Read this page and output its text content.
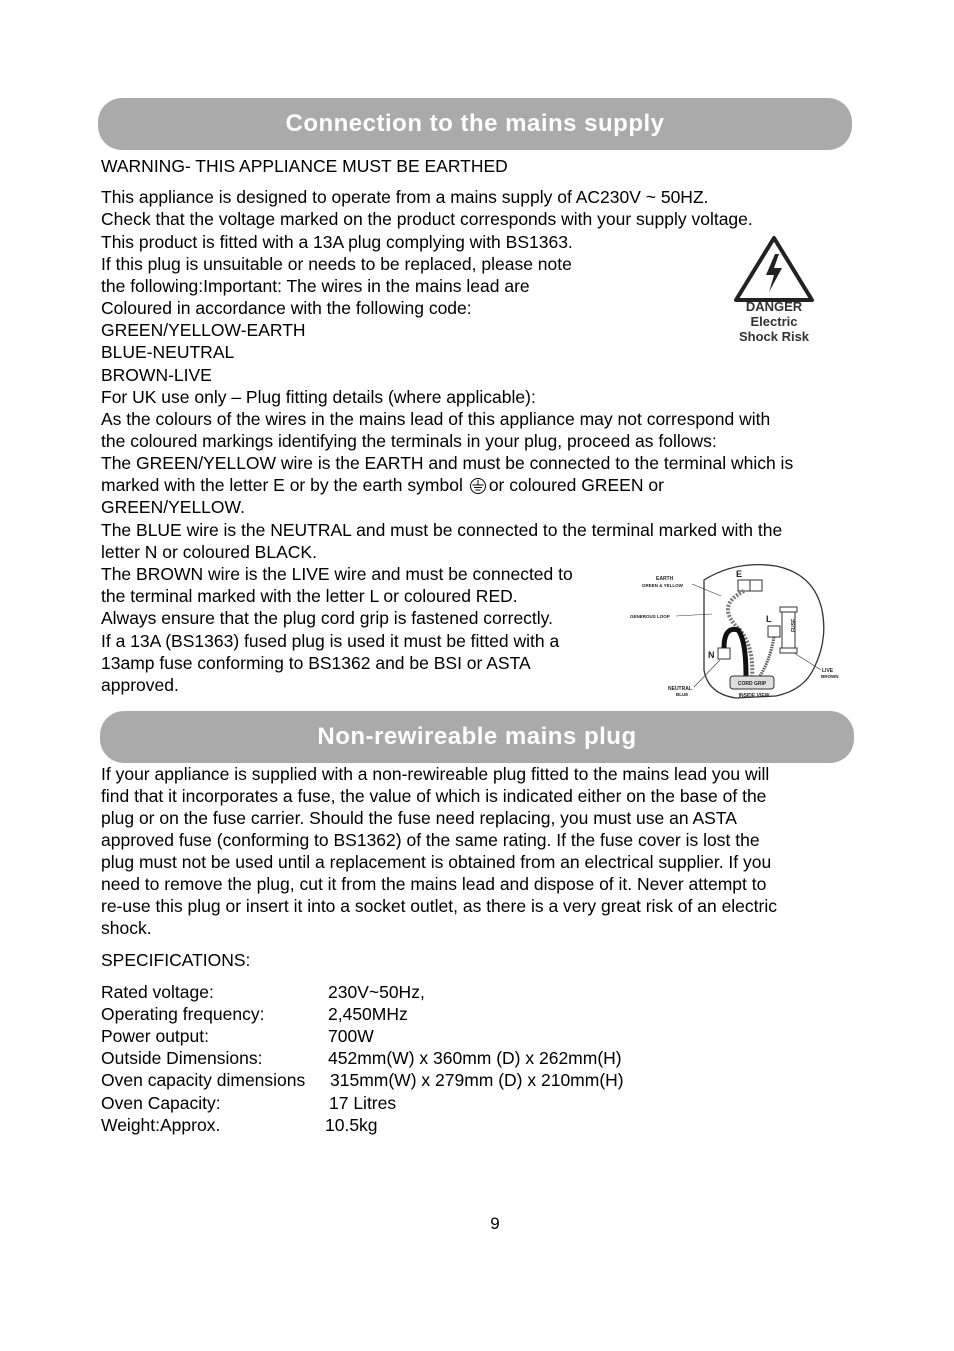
Connection to the mains supply
WARNING- THIS APPLIANCE MUST BE EARTHED
This appliance is designed to operate from a mains supply of AC230V ~ 50HZ.
Check that the voltage marked on the product corresponds with your supply voltage.
This product is fitted with a 13A plug complying with BS1363.
If this plug is unsuitable or needs to be replaced, please note
the following:Important: The wires in the mains lead are
Coloured in accordance with the following code:
GREEN/YELLOW-EARTH
BLUE-NEUTRAL
BROWN-LIVE
For UK use only – Plug fitting details (where applicable):
As the colours of the wires in the mains lead of this appliance may not correspond with
the coloured markings identifying the terminals in your plug, proceed as follows:
The GREEN/YELLOW wire is the EARTH and must be connected to the terminal which is
marked with the letter E or by the earth symbol or coloured GREEN or
GREEN/YELLOW.
The BLUE wire is the NEUTRAL and must be connected to the terminal marked with the
letter N or coloured BLACK.
The BROWN wire is the LIVE wire and must be connected to
the terminal marked with the letter L or coloured RED.
Always ensure that the plug cord grip is fastened correctly.
If a 13A (BS1363) fused plug is used it must be fitted with a
13amp fuse conforming to BS1362 and be BSI or ASTA
approved.
DANGER
Electric
Shock Risk
E
FUSE
L
N
CORD GRIP
INSIDE VIEW
EARTH
GREEN & YELLOW
GENEROUS LOOP
NEUTRAL
BLUE
LIVE
BROWN
Non-rewireable mains plug
If your appliance is supplied with a non-rewireable plug fitted to the mains lead you will
find that it incorporates a fuse, the value of which is indicated either on the base of the
plug or on the fuse carrier. Should the fuse need replacing, you must use an ASTA
approved fuse (conforming to BS1362) of the same rating. If the fuse cover is lost the
plug must not be used until a replacement is obtained from an electrical supplier. If you
need to remove the plug, cut it from the mains lead and dispose of it. Never attempt to
re-use this plug or insert it into a socket outlet, as there is a very great risk of an electric
shock.
SPECIFICATIONS:
Rated voltage:	230V~50Hz,
Operating frequency:	2,450MHz
Power output:	700W
Outside Dimensions:	452mm(W) x 360mm (D) x 262mm(H)
Oven capacity dimensions 315mm(W) x 279mm (D) x 210mm(H)
Oven Capacity:	17 Litres
Weight:Approx.	10.5kg
9
